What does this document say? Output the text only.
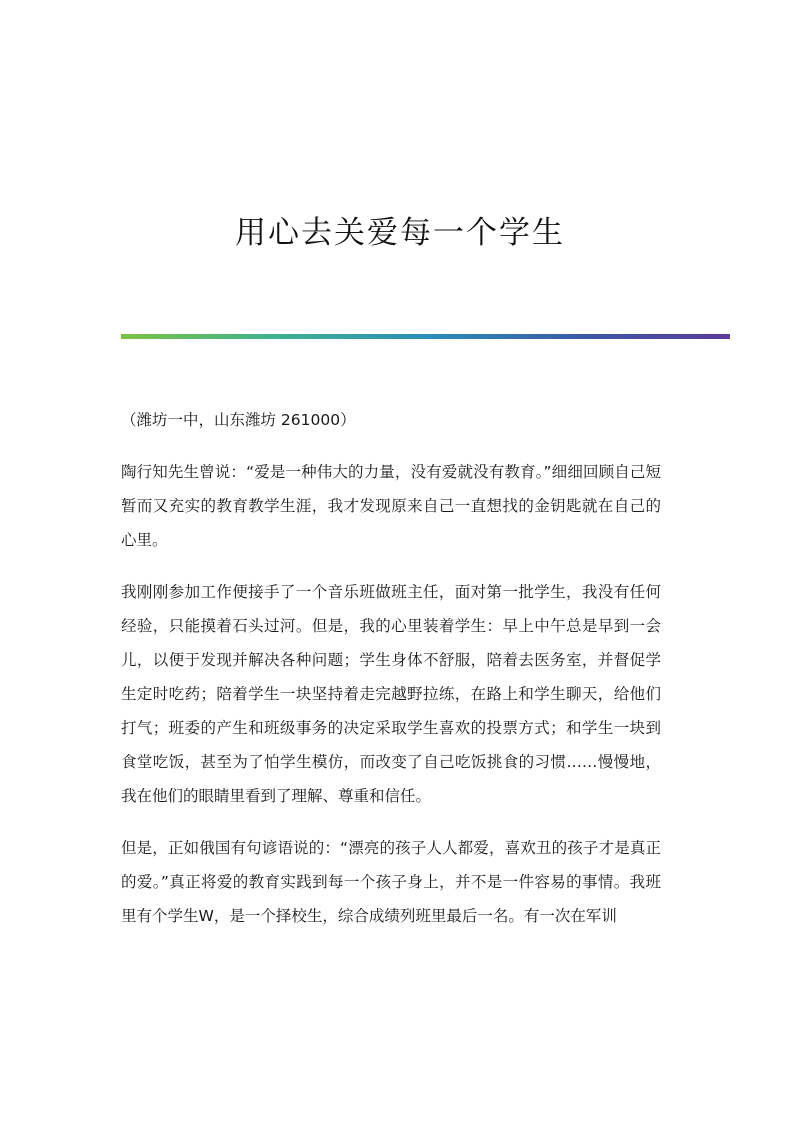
用心去关爱每一个学生

（潍坊一中，山东潍坊 261000）

陶行知先生曾说：“爱是一种伟大的力量，没有爱就没有教育。”细细回顾自己短暂而又充实的教育教学生涯，我才发现原来自己一直想找的金钥匙就在自己的心里。

我刚刚参加工作便接手了一个音乐班做班主任，面对第一批学生，我没有任何经验，只能摸着石头过河。但是，我的心里装着学生：早上中午总是早到一会儿，以便于发现并解决各种问题；学生身体不舒服，陪着去医务室，并督促学生定时吃药；陪着学生一块坚持着走完越野拉练，在路上和学生聊天，给他们打气；班委的产生和班级事务的决定采取学生喜欢的投票方式；和学生一块到食堂吃饭，甚至为了怕学生模仿，而改变了自己吃饭挑食的习惯……慢慢地，我在他们的眼睛里看到了理解、尊重和信任。

但是，正如俄国有句谚语说的：“漂亮的孩子人人都爱，喜欢丑的孩子才是真正的爱。”真正将爱的教育实践到每一个孩子身上，并不是一件容易的事情。我班里有个学生W，是一个择校生，综合成绩列班里最后一名。有一次在军训
